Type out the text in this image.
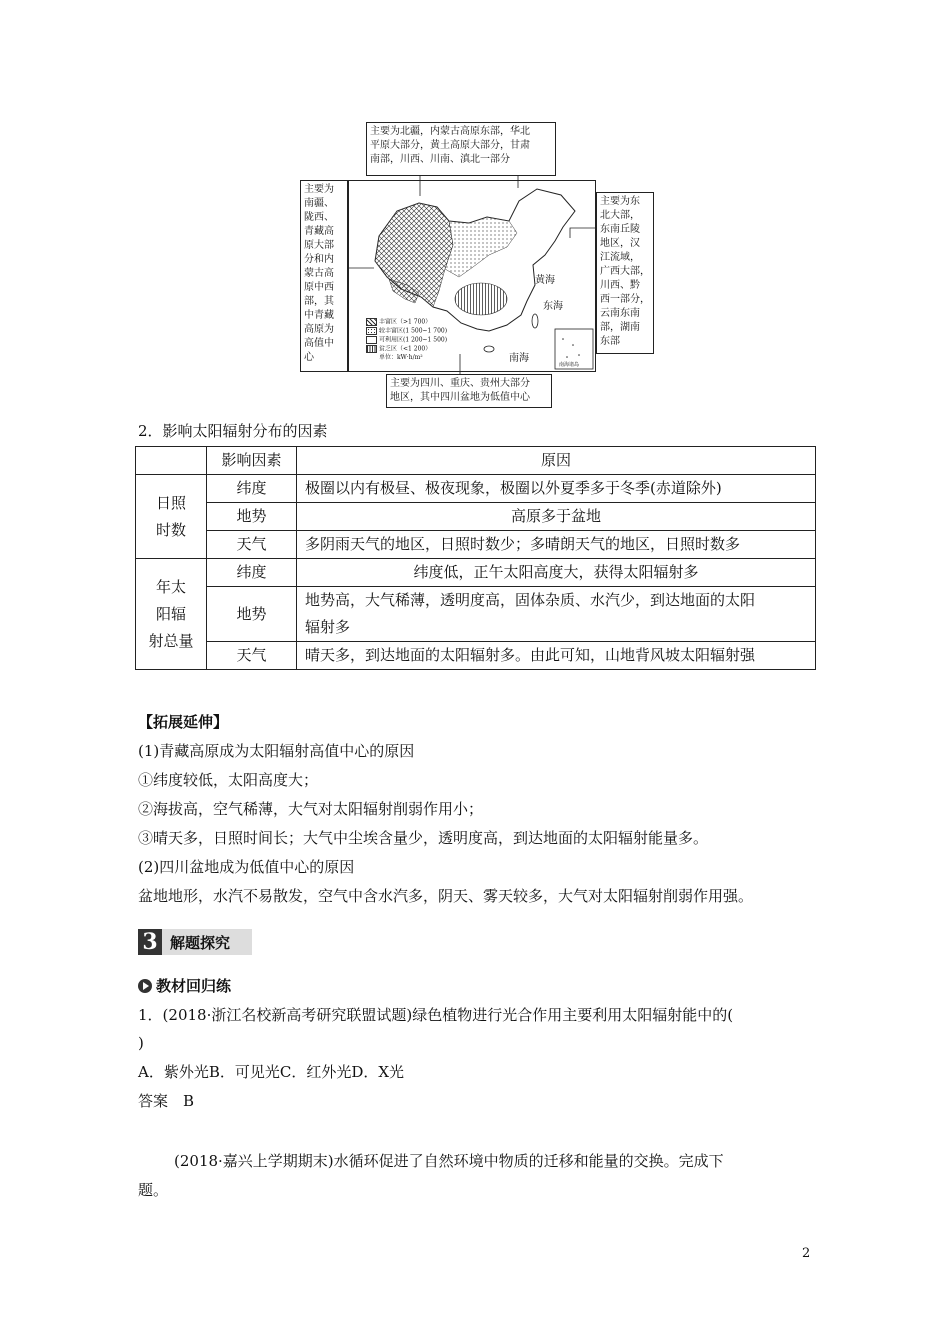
主要为北疆，内蒙古高原东部，华北
平原大部分，黄土高原大部分，甘肃
南部，川西、川南、滇北一部分
主要为
南疆、
陇西、
青藏高
原大部
分和内
蒙古高
原中西
部，其
中青藏
高原为
高值中
心
主要为东
北大部，
东南丘陵
地区，汉
江流域，
广西大部，
川西、黔
西一部分，
云南东南
部，湖南
东部
黄海
东海
南海
南海诸岛
丰富区（>1 700）
较丰富区(1 500~1 700)
可利用区(1 200~1 500)
贫乏区（<1 200）
单位：kW·h/m²
主要为四川、重庆、贵州大部分
地区，其中四川盆地为低值中心
2．影响太阳辐射分布的因素
	影响因素	原因

日照
时数	纬度	极圈以内有极昼、极夜现象，极圈以外夏季多于冬季(赤道除外)
	地势	高原多于盆地
	天气	多阴雨天气的地区，日照时数少；多晴朗天气的地区，日照时数多

年太
阳辐
射总量	纬度	纬度低，正午太阳高度大，获得太阳辐射多
	地势	地势高，大气稀薄，透明度高，固体杂质、水汽少，到达地面的太阳
辐射多

	天气	晴天多，到达地面的太阳辐射多。由此可知，山地背风坡太阳辐射强
【拓展延伸】
(1)青藏高原成为太阳辐射高值中心的原因
①纬度较低，太阳高度大；
②海拔高，空气稀薄，大气对太阳辐射削弱作用小；
③晴天多，日照时间长；大气中尘埃含量少，透明度高，到达地面的太阳辐射能量多。
(2)四川盆地成为低值中心的原因
盆地地形，水汽不易散发，空气中含水汽多，阴天、雾天较多，大气对太阳辐射削弱作用强。
3 解题探究
教材回归练
1．(2018·浙江名校新高考研究联盟试题)绿色植物进行光合作用主要利用太阳辐射能中的(
)
A．紫外光B．可见光C．红外光D．X光
答案　B
(2018·嘉兴上学期期末)水循环促进了自然环境中物质的迁移和能量的交换。完成下
题。
2
